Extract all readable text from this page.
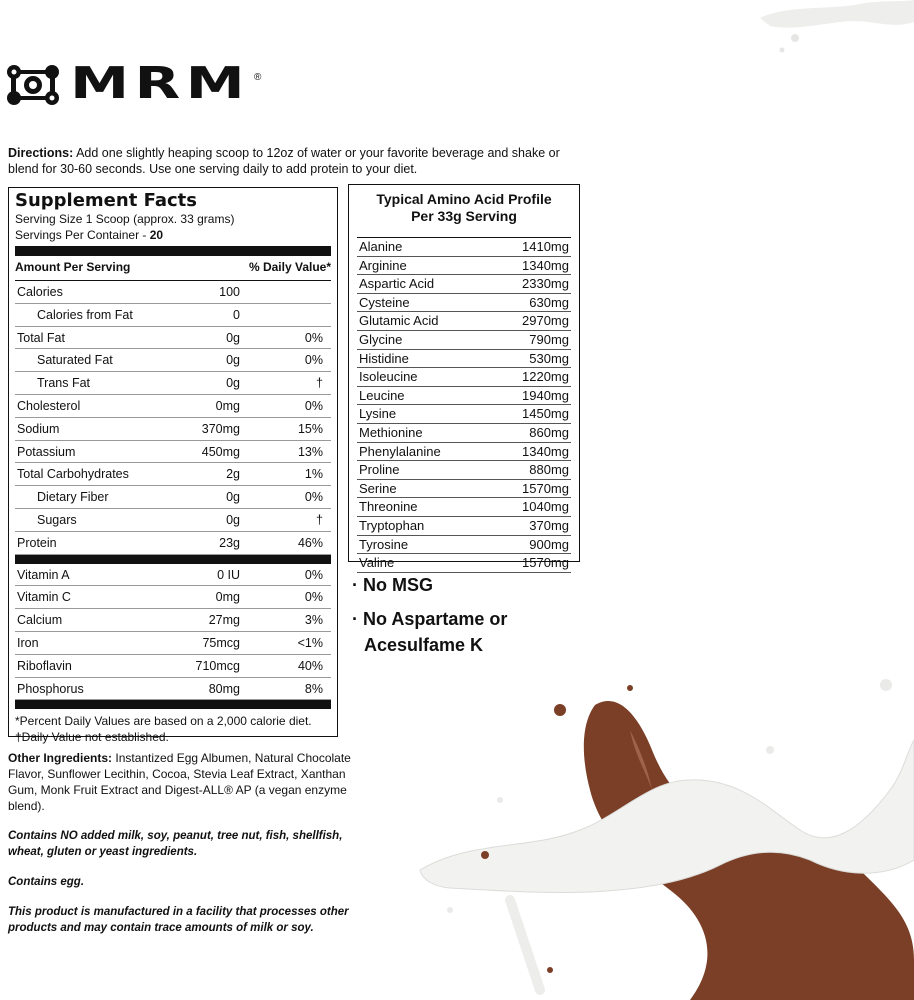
MRM ®
Directions: Add one slightly heaping scoop to 12oz of water or your favorite beverage and shake or blend for 30-60 seconds. Use one serving daily to add protein to your diet.
Supplement Facts
Serving Size 1 Scoop (approx. 33 grams)
Servings Per Container - 20
Amount Per Serving	% Daily Value*
Calories	100
Calories from Fat	0
Total Fat	0g	0%
Saturated Fat	0g	0%
Trans Fat	0g	†
Cholesterol	0mg	0%
Sodium	370mg	15%
Potassium	450mg	13%
Total Carbohydrates	2g	1%
Dietary Fiber	0g	0%
Sugars	0g	†
Protein	23g	46%
Vitamin A	0 IU	0%
Vitamin C	0mg	0%
Calcium	27mg	3%
Iron	75mcg	<1%
Riboflavin	710mcg	40%
Phosphorus	80mg	8%
*Percent Daily Values are based on a 2,000 calorie diet.
†Daily Value not established.

Other Ingredients: Instantized Egg Albumen, Natural Chocolate Flavor, Sunflower Lecithin, Cocoa, Stevia Leaf Extract, Xanthan Gum, Monk Fruit Extract and Digest-ALL® AP (a vegan enzyme blend).

Contains NO added milk, soy, peanut, tree nut, fish, shellfish, wheat, gluten or yeast ingredients.

Contains egg.

This product is manufactured in a facility that processes other products and may contain trace amounts of milk or soy.

Typical Amino Acid Profile
Per 33g Serving
Alanine	1410mg
Arginine	1340mg
Aspartic Acid	2330mg
Cysteine	630mg
Glutamic Acid	2970mg
Glycine	790mg
Histidine	530mg
Isoleucine	1220mg
Leucine	1940mg
Lysine	1450mg
Methionine	860mg
Phenylalanine	1340mg
Proline	880mg
Serine	1570mg
Threonine	1040mg
Tryptophan	370mg
Tyrosine	900mg
Valine	1570mg
· No MSG
· No Aspartame or
Acesulfame K
